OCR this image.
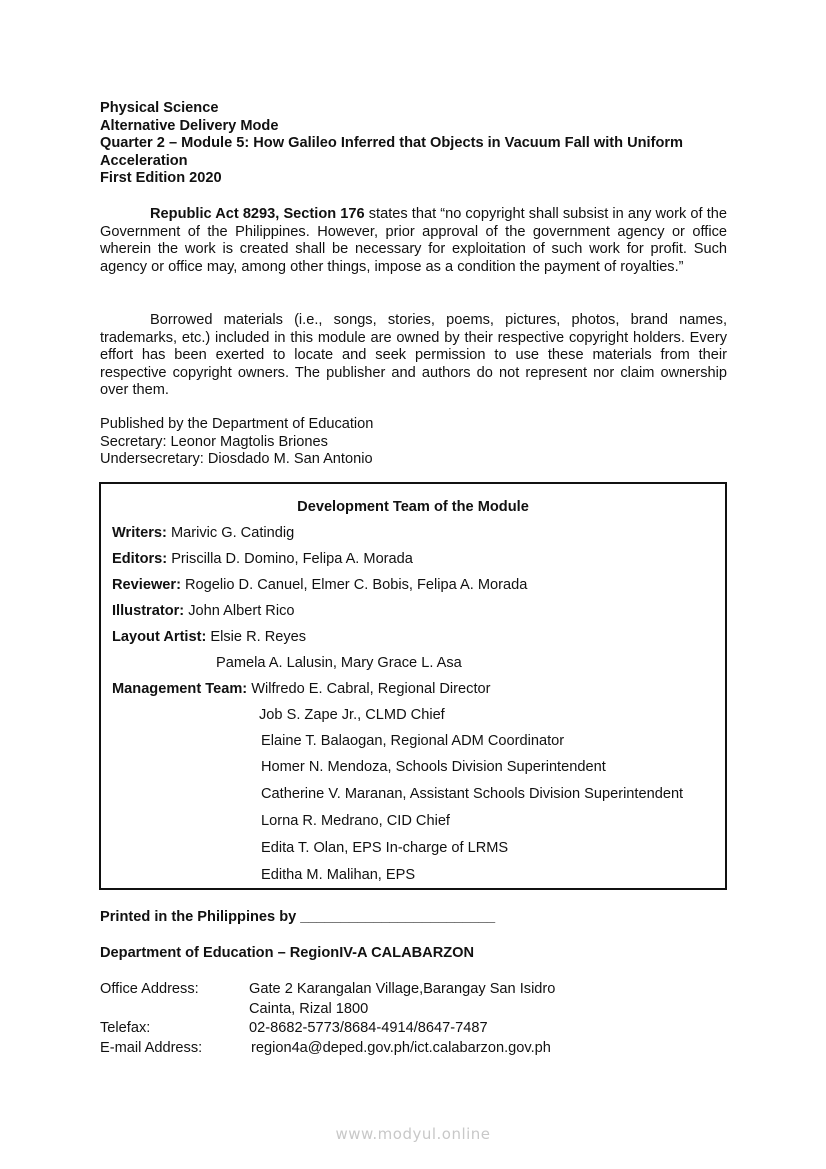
Physical Science
Alternative Delivery Mode
Quarter 2 – Module 5: How Galileo Inferred that Objects in Vacuum Fall with Uniform Acceleration
First Edition 2020

Republic Act 8293, Section 176 states that “no copyright shall subsist in any work of the Government of the Philippines. However, prior approval of the government agency or office wherein the work is created shall be necessary for exploitation of such work for profit. Such agency or office may, among other things, impose as a condition the payment of royalties.”

Borrowed materials (i.e., songs, stories, poems, pictures, photos, brand names, trademarks, etc.) included in this module are owned by their respective copyright holders. Every effort has been exerted to locate and seek permission to use these materials from their respective copyright owners. The publisher and authors do not represent nor claim ownership over them.

Published by the Department of Education
Secretary: Leonor Magtolis Briones
Undersecretary: Diosdado M. San Antonio
Development Team of the Module
Writers: Marivic G. Catindig
Editors: Priscilla D. Domino, Felipa A. Morada
Reviewer: Rogelio D. Canuel, Elmer C. Bobis, Felipa A. Morada
Illustrator: John Albert Rico
Layout Artist: Elsie R. Reyes
Pamela A. Lalusin, Mary Grace L. Asa
Management Team: Wilfredo E. Cabral, Regional Director
Job S. Zape Jr., CLMD Chief
Elaine T. Balaogan, Regional ADM Coordinator
Homer N. Mendoza, Schools Division Superintendent
Catherine V. Maranan, Assistant Schools Division Superintendent
Lorna R. Medrano, CID Chief
Edita T. Olan, EPS In-charge of LRMS
Editha M. Malihan, EPS
Printed in the Philippines by ________________________
Department of Education – RegionIV-A CALABARZON
Office Address:	Gate 2 Karangalan Village,Barangay San Isidro
Cainta, Rizal 1800
Telefax:	02-8682-5773/8684-4914/8647-7487
E-mail Address:	region4a@deped.gov.ph/ict.calabarzon.gov.ph
www.modyul.online
